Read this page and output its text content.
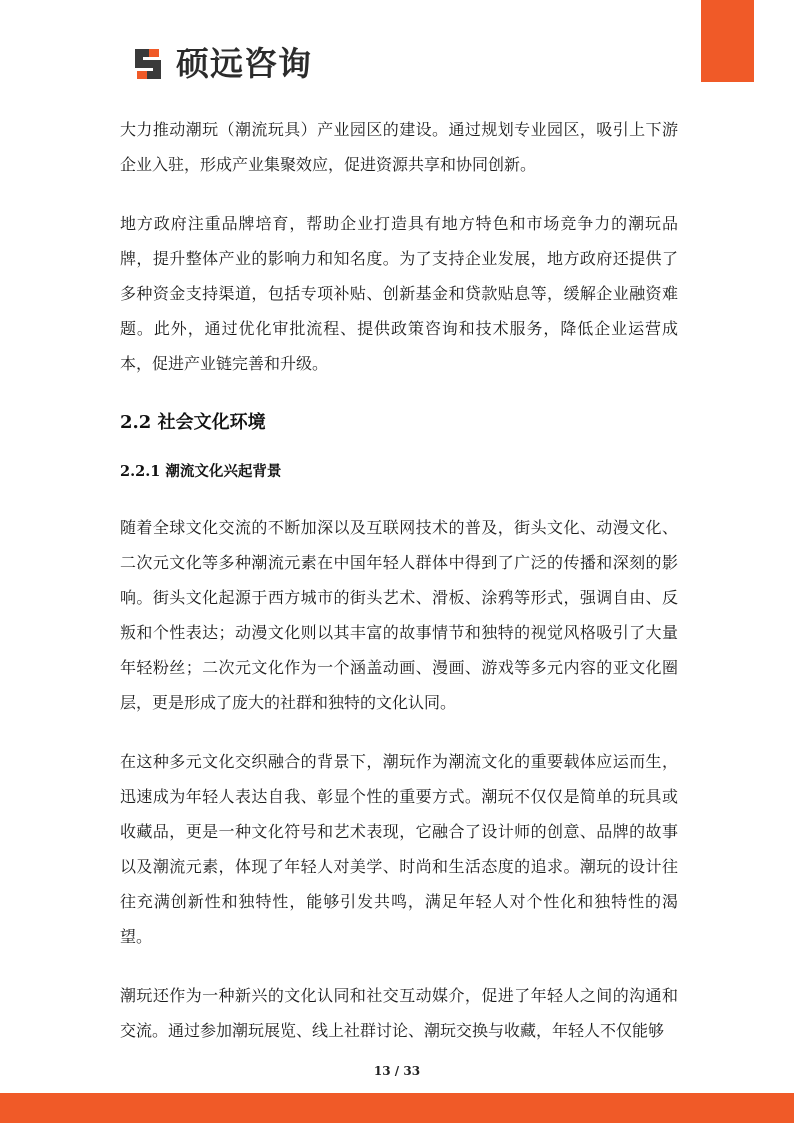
硕远咨询

大力推动潮玩（潮流玩具）产业园区的建设。通过规划专业园区，吸引上下游企业入驻，形成产业集聚效应，促进资源共享和协同创新。

地方政府注重品牌培育，帮助企业打造具有地方特色和市场竞争力的潮玩品牌，提升整体产业的影响力和知名度。为了支持企业发展，地方政府还提供了多种资金支持渠道，包括专项补贴、创新基金和贷款贴息等，缓解企业融资难题。此外，通过优化审批流程、提供政策咨询和技术服务，降低企业运营成本，促进产业链完善和升级。

2.2 社会文化环境
2.2.1 潮流文化兴起背景

随着全球文化交流的不断加深以及互联网技术的普及，街头文化、动漫文化、二次元文化等多种潮流元素在中国年轻人群体中得到了广泛的传播和深刻的影响。街头文化起源于西方城市的街头艺术、滑板、涂鸦等形式，强调自由、反叛和个性表达；动漫文化则以其丰富的故事情节和独特的视觉风格吸引了大量年轻粉丝；二次元文化作为一个涵盖动画、漫画、游戏等多元内容的亚文化圈层，更是形成了庞大的社群和独特的文化认同。

在这种多元文化交织融合的背景下，潮玩作为潮流文化的重要载体应运而生，迅速成为年轻人表达自我、彰显个性的重要方式。潮玩不仅仅是简单的玩具或收藏品，更是一种文化符号和艺术表现，它融合了设计师的创意、品牌的故事以及潮流元素，体现了年轻人对美学、时尚和生活态度的追求。潮玩的设计往往充满创新性和独特性，能够引发共鸣，满足年轻人对个性化和独特性的渴望。

潮玩还作为一种新兴的文化认同和社交互动媒介，促进了年轻人之间的沟通和交流。通过参加潮玩展览、线上社群讨论、潮玩交换与收藏，年轻人不仅能够

13 / 33
